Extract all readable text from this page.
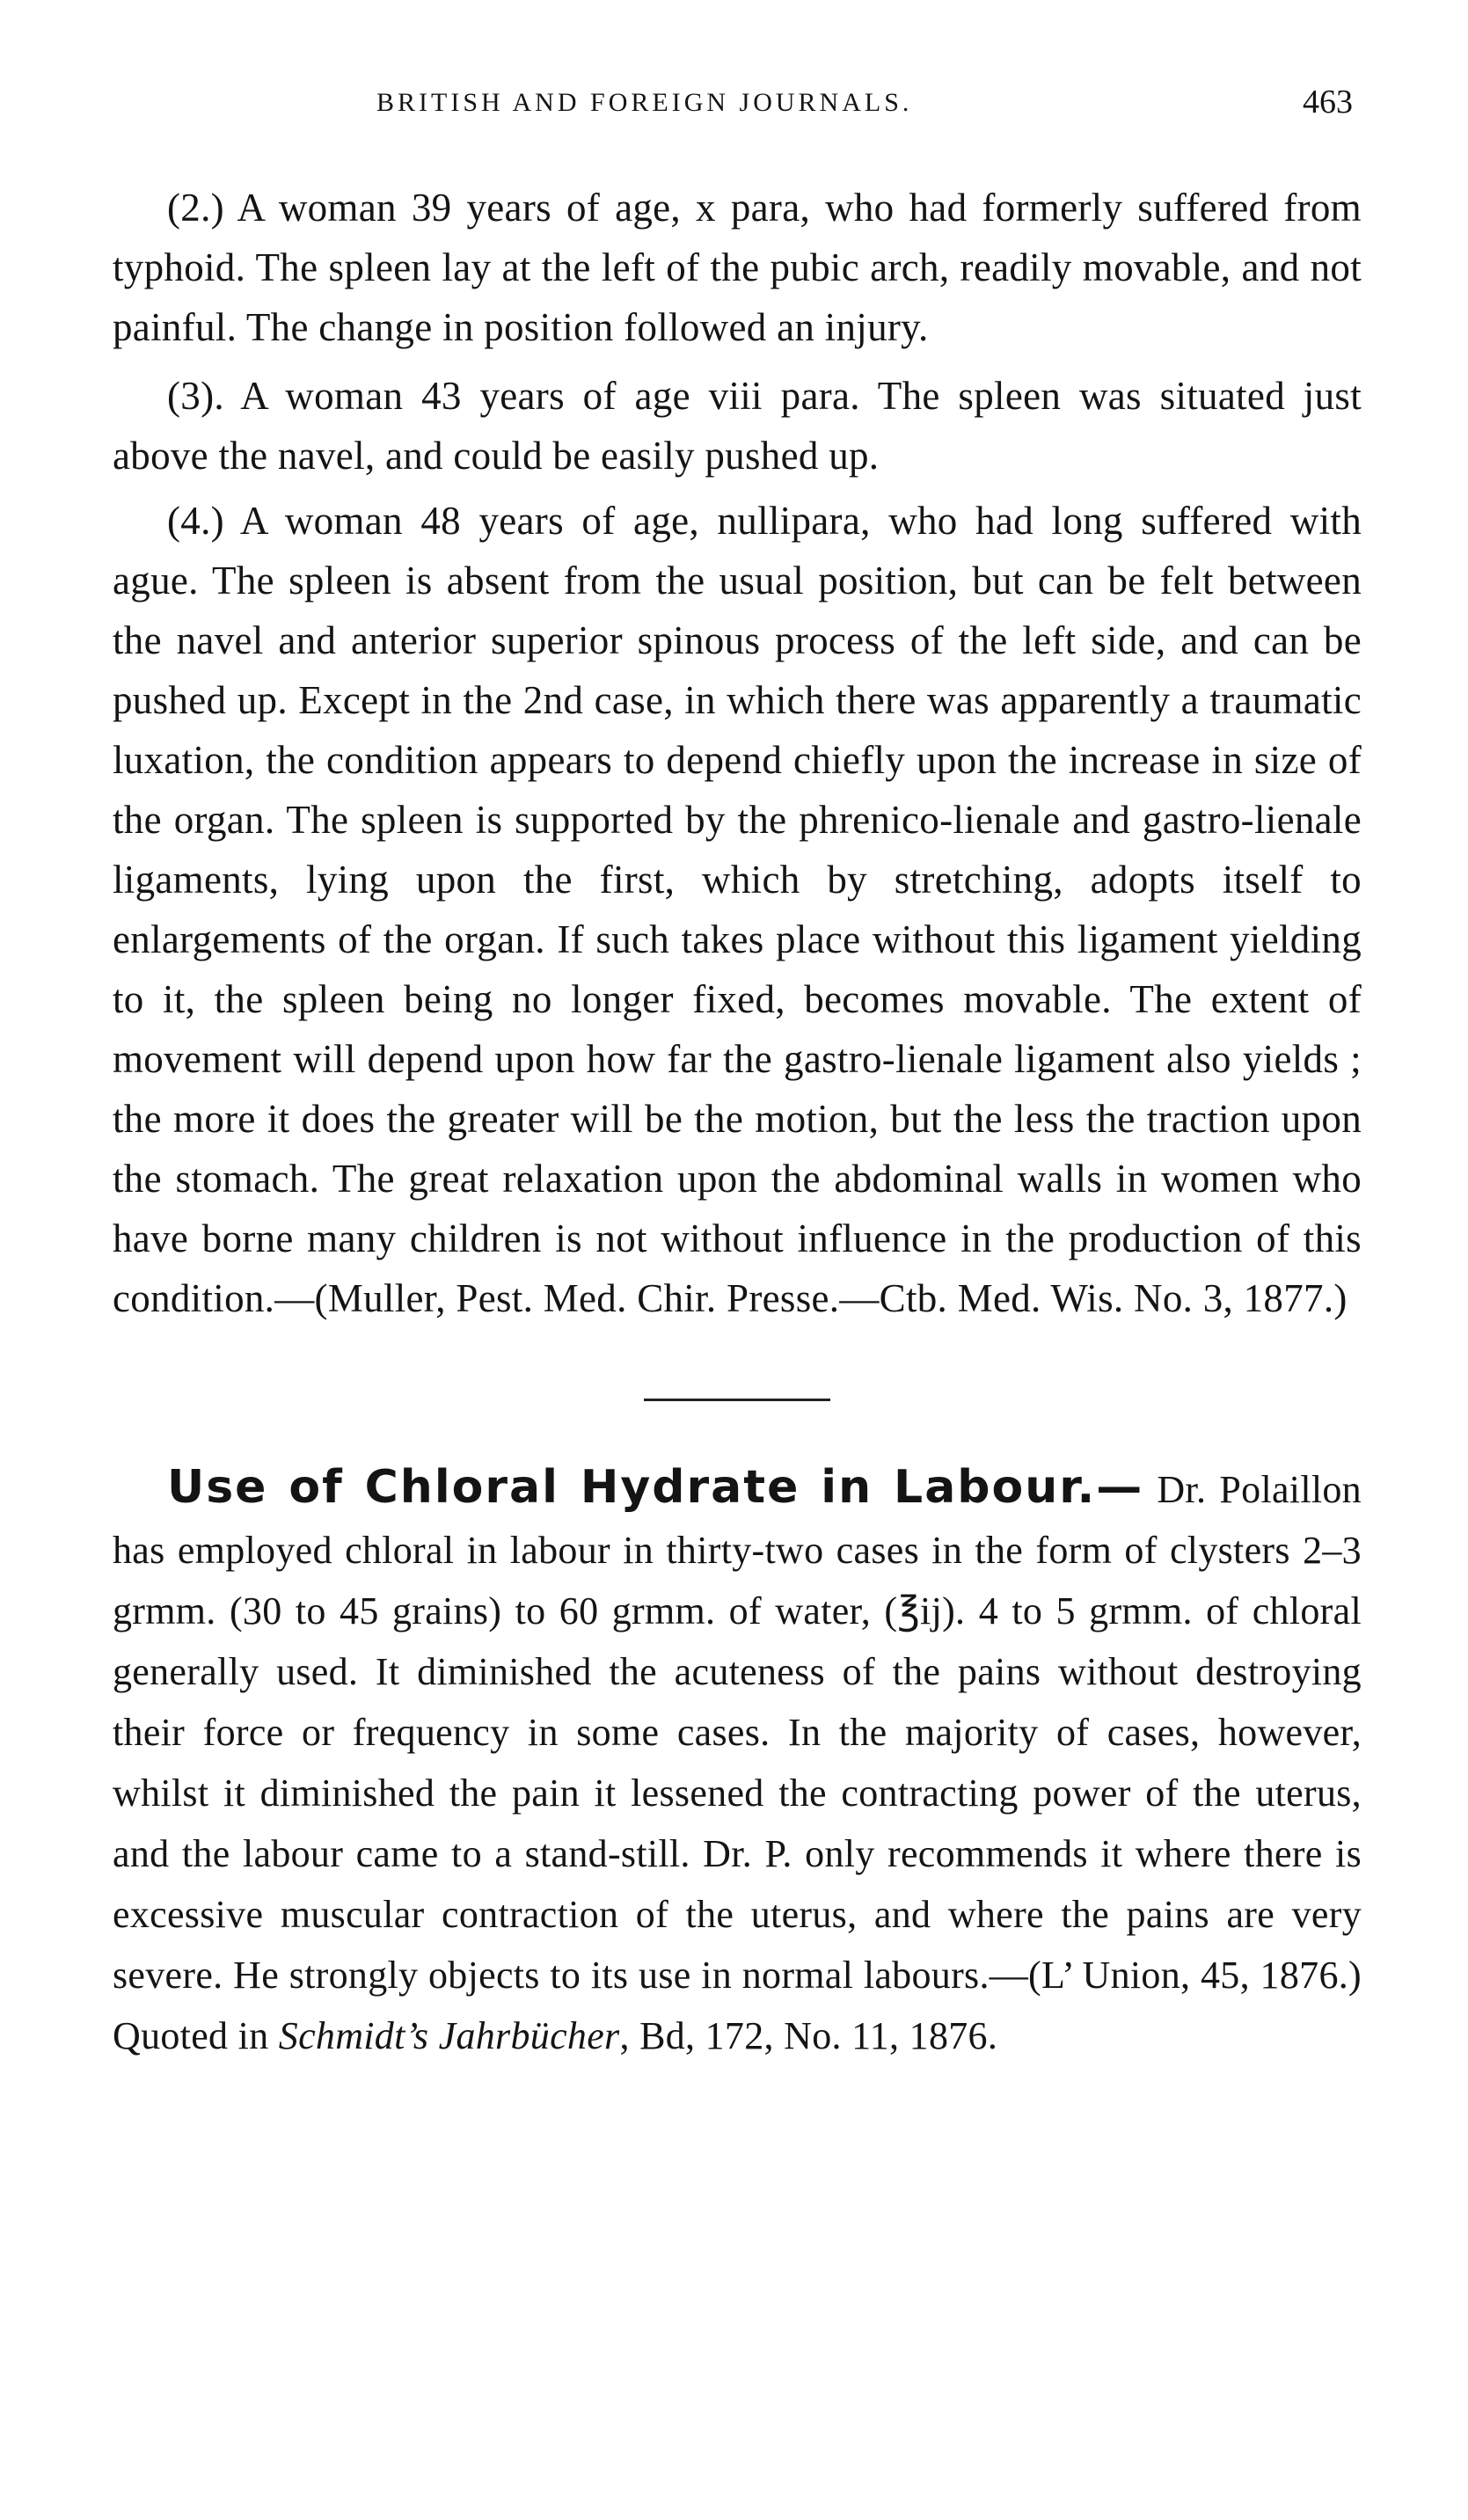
BRITISH AND FOREIGN JOURNALS.	463

(2.) A woman 39 years of age, x para, who had formerly suffered from typhoid. The spleen lay at the left of the pubic arch, readily movable, and not painful. The change in position followed an injury.

(3). A woman 43 years of age viii para. The spleen was situated just above the navel, and could be easily pushed up.

(4.) A woman 48 years of age, nullipara, who had long suffered with ague. The spleen is absent from the usual position, but can be felt between the navel and anterior superior spinous process of the left side, and can be pushed up. Except in the 2nd case, in which there was apparently a traumatic luxation, the condition appears to depend chiefly upon the increase in size of the organ. The spleen is supported by the phrenico-lienale and gastro-lienale ligaments, lying upon the first, which by stretching, adopts itself to enlargements of the organ. If such takes place without this ligament yielding to it, the spleen being no longer fixed, becomes movable. The extent of movement will depend upon how far the gastro-lienale ligament also yields ; the more it does the greater will be the motion, but the less the traction upon the stomach. The great relaxation upon the abdominal walls in women who have borne many children is not without influence in the production of this condition.—(Muller, Pest. Med. Chir. Presse.—Ctb. Med. Wis. No. 3, 1877.)

Use of Chloral Hydrate in Labour.— Dr. Polaillon has employed chloral in labour in thirty-two cases in the form of clysters 2–3 grmm. (30 to 45 grains) to 60 grmm. of water, (℥ij). 4 to 5 grmm. of chloral generally used. It diminished the acuteness of the pains without destroying their force or frequency in some cases. In the majority of cases, however, whilst it diminished the pain it lessened the contracting power of the uterus, and the labour came to a stand-still. Dr. P. only recommends it where there is excessive muscular contraction of the uterus, and where the pains are very severe. He strongly objects to its use in normal labours.—(L’ Union, 45, 1876.) Quoted in Schmidt’s Jahrbücher, Bd, 172, No. 11, 1876.
